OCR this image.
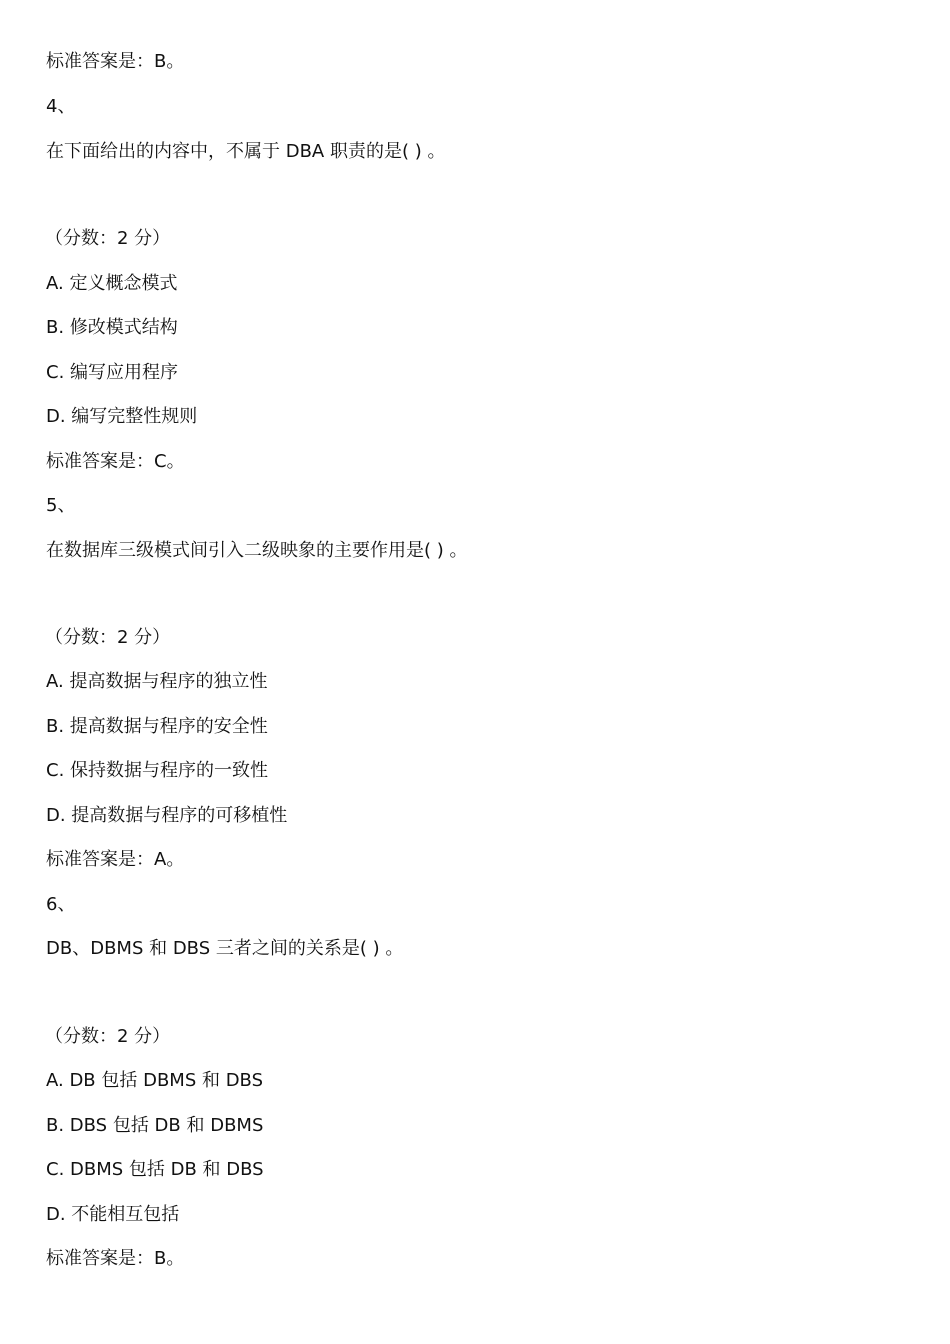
标准答案是：B。
4、
在下面给出的内容中，不属于 DBA 职责的是( ) 。
（分数：2 分）
A. 定义概念模式
B. 修改模式结构
C. 编写应用程序
D. 编写完整性规则
标准答案是：C。
5、
在数据库三级模式间引入二级映象的主要作用是( ) 。
（分数：2 分）
A. 提高数据与程序的独立性
B. 提高数据与程序的安全性
C. 保持数据与程序的一致性
D. 提高数据与程序的可移植性
标准答案是：A。
6、
DB、DBMS 和 DBS 三者之间的关系是( ) 。
（分数：2 分）
A. DB 包括 DBMS 和 DBS
B. DBS 包括 DB 和 DBMS
C. DBMS 包括 DB 和 DBS
D. 不能相互包括
标准答案是：B。
